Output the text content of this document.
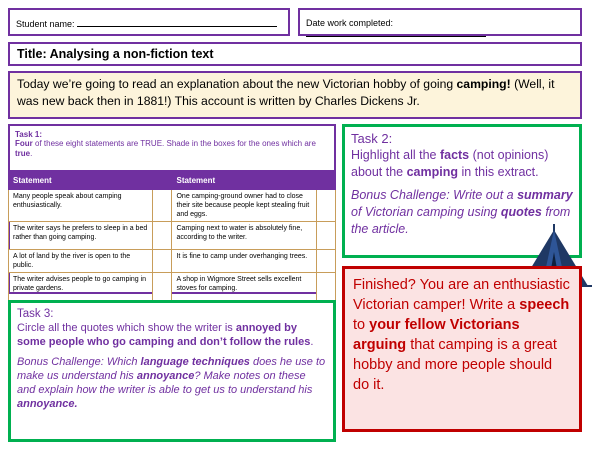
Student name:	Date work completed:
Title: Analysing a non-fiction text
Today we’re going to read an explanation about the new Victorian hobby of going camping! (Well, it was new back then in 1881!) This account is written by Charles Dickens Jr.
Task 1:
Four of these eight statements are TRUE. Shade in the boxes for the ones which are true.
Statement		Statement	
Many people speak about camping enthusiastically.		One camping-ground owner had to close their site because people kept stealing fruit and eggs.	
The writer says he prefers to sleep in a bed rather than going camping.		Camping next to water is absolutely fine, according to the writer.	
A lot of land by the river is open to the public.		It is fine to camp under overhanging trees.	
The writer advises people to go camping in private gardens.		A shop in Wigmore Street sells excellent stoves for camping.	
Task 2:
Highlight all the facts (not opinions) about the camping in this extract.
Bonus Challenge: Write out a summary of Victorian camping using quotes from the article.
Task 3:
Circle all the quotes which show the writer is annoyed by some people who go camping and don’t follow the rules.
Bonus Challenge: Which language techniques does he use to make us understand his annoyance? Make notes on these and explain how the writer is able to get us to understand his annoyance.
Finished? You are an enthusiastic Victorian camper! Write a speech to your fellow Victorians arguing that camping is a great hobby and more people should do it.
